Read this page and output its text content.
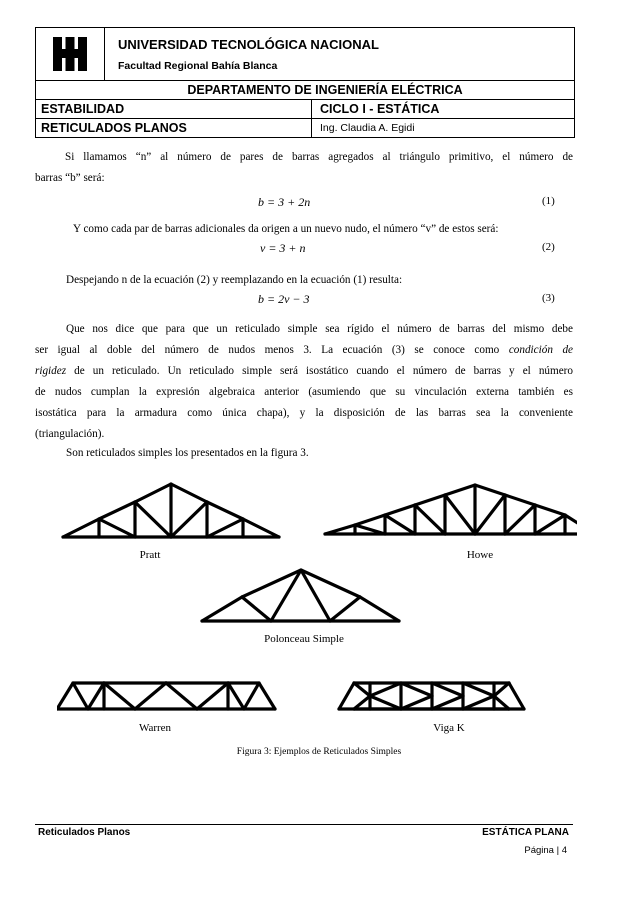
UNIVERSIDAD TECNOLÓGICA NACIONAL
Facultad Regional Bahía Blanca
DEPARTAMENTO DE INGENIERÍA ELÉCTRICA
ESTABILIDAD	CICLO I - ESTÁTICA
RETICULADOS PLANOS	Ing. Claudia A. Egidi
Si llamamos “n” al número de pares de barras agregados al triángulo primitivo, el número de
barras “b” será:
b = 3 + 2n	(1)
Y como cada par de barras adicionales da origen a un nuevo nudo, el número “v” de estos será:
v = 3 + n	(2)
Despejando n de la ecuación (2) y reemplazando en la ecuación (1) resulta:
b = 2v − 3	(3)
Que nos dice que para que un reticulado simple sea rígido el número de barras del mismo debe
ser igual al doble del número de nudos menos 3. La ecuación (3) se conoce como condición de
rigidez de un reticulado. Un reticulado simple será isostático cuando el número de barras y el número
de nudos cumplan la expresión algebraica anterior (asumiendo que su vinculación externa también es
isostática para la armadura como única chapa), y la disposición de las barras sea la conveniente
(triangulación).
Son reticulados simples los presentados en la figura 3.
Pratt	Howe
Polonceau Simple
Warren	Viga K
Figura 3: Ejemplos de Reticulados Simples
Reticulados Planos	ESTÁTICA PLANA
Página | 4
